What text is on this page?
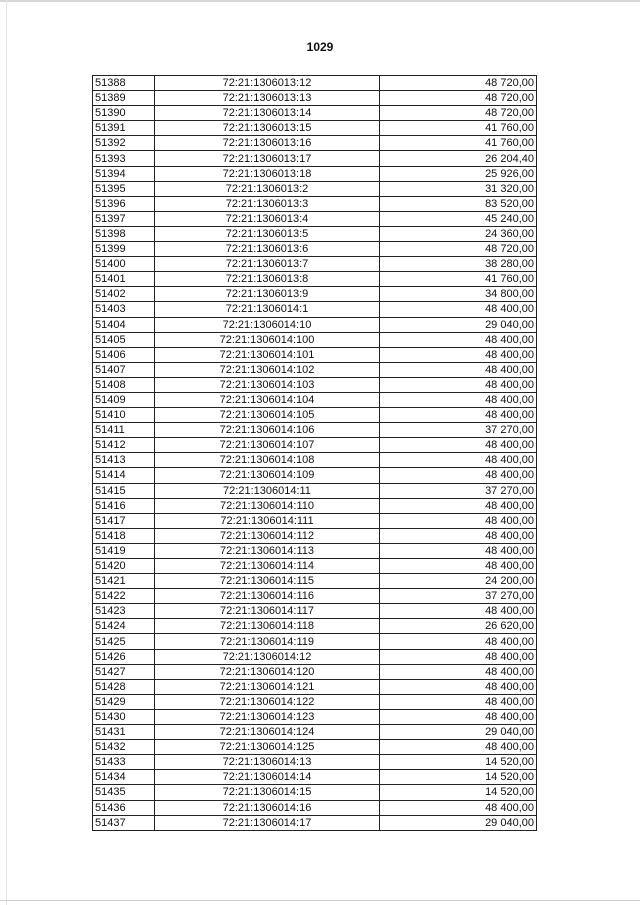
1029
51388	72:21:1306013:12	48 720,00
51389	72:21:1306013:13	48 720,00
51390	72:21:1306013:14	48 720,00
51391	72:21:1306013:15	41 760,00
51392	72:21:1306013:16	41 760,00
51393	72:21:1306013:17	26 204,40
51394	72:21:1306013:18	25 926,00
51395	72:21:1306013:2	31 320,00
51396	72:21:1306013:3	83 520,00
51397	72:21:1306013:4	45 240,00
51398	72:21:1306013:5	24 360,00
51399	72:21:1306013:6	48 720,00
51400	72:21:1306013:7	38 280,00
51401	72:21:1306013:8	41 760,00
51402	72:21:1306013:9	34 800,00
51403	72:21:1306014:1	48 400,00
51404	72:21:1306014:10	29 040,00
51405	72:21:1306014:100	48 400,00
51406	72:21:1306014:101	48 400,00
51407	72:21:1306014:102	48 400,00
51408	72:21:1306014:103	48 400,00
51409	72:21:1306014:104	48 400,00
51410	72:21:1306014:105	48 400,00
51411	72:21:1306014:106	37 270,00
51412	72:21:1306014:107	48 400,00
51413	72:21:1306014:108	48 400,00
51414	72:21:1306014:109	48 400,00
51415	72:21:1306014:11	37 270,00
51416	72:21:1306014:110	48 400,00
51417	72:21:1306014:111	48 400,00
51418	72:21:1306014:112	48 400,00
51419	72:21:1306014:113	48 400,00
51420	72:21:1306014:114	48 400,00
51421	72:21:1306014:115	24 200,00
51422	72:21:1306014:116	37 270,00
51423	72:21:1306014:117	48 400,00
51424	72:21:1306014:118	26 620,00
51425	72:21:1306014:119	48 400,00
51426	72:21:1306014:12	48 400,00
51427	72:21:1306014:120	48 400,00
51428	72:21:1306014:121	48 400,00
51429	72:21:1306014:122	48 400,00
51430	72:21:1306014:123	48 400,00
51431	72:21:1306014:124	29 040,00
51432	72:21:1306014:125	48 400,00
51433	72:21:1306014:13	14 520,00
51434	72:21:1306014:14	14 520,00
51435	72:21:1306014:15	14 520,00
51436	72:21:1306014:16	48 400,00
51437	72:21:1306014:17	29 040,00
